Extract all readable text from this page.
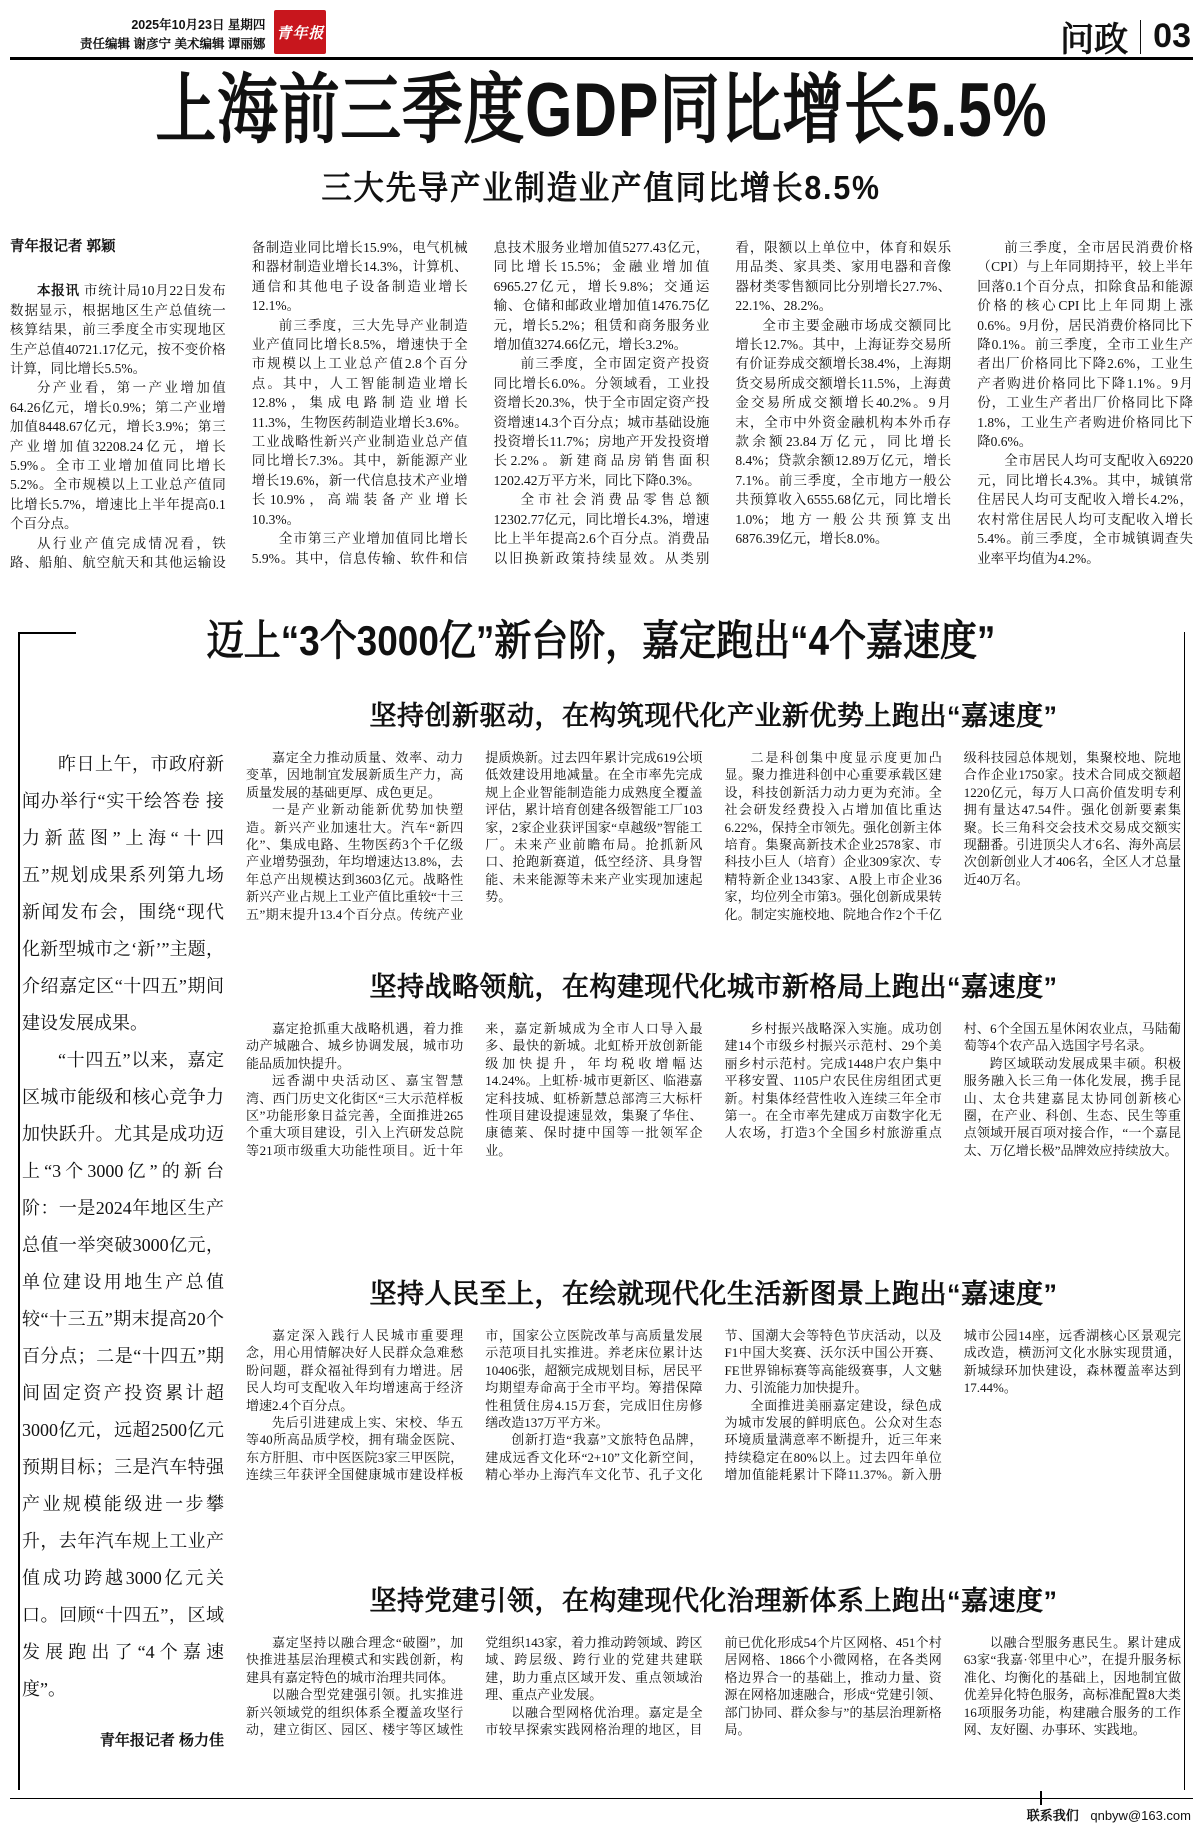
2025年10月23日 星期四
责任编辑 谢彦宁 美术编辑 谭丽娜
青年报	问政 03
上海前三季度GDP同比增长5.5%
三大先导产业制造业产值同比增长8.5%
青年报记者 郭颖

本报讯 市统计局10月22日发布数据显示，根据地区生产总值统一核算结果，前三季度全市实现地区生产总值40721.17亿元，按不变价格计算，同比增长5.5%。

分产业看，第一产业增加值64.26亿元，增长0.9%；第二产业增加值8448.67亿元，增长3.9%；第三产业增加值32208.24亿元，增长5.9%。全市工业增加值同比增长5.2%。全市规模以上工业总产值同比增长5.7%，增速比上半年提高0.1个百分点。

从行业产值完成情况看，铁路、船舶、航空航天和其他运输设备制造业同比增长15.9%，电气机械和器材制造业增长14.3%，计算机、通信和其他电子设备制造业增长12.1%。

前三季度，三大先导产业制造业产值同比增长8.5%，增速快于全市规模以上工业总产值2.8个百分点。其中，人工智能制造业增长12.8%，集成电路制造业增长11.3%，生物医药制造业增长3.6%。工业战略性新兴产业制造业总产值同比增长7.3%。其中，新能源产业增长19.6%，新一代信息技术产业增长10.9%，高端装备产业增长10.3%。

全市第三产业增加值同比增长5.9%。其中，信息传输、软件和信息技术服务业增加值5277.43亿元，同比增长15.5%；金融业增加值6965.27亿元，增长9.8%；交通运输、仓储和邮政业增加值1476.75亿元，增长5.2%；租赁和商务服务业增加值3274.66亿元，增长3.2%。

前三季度，全市固定资产投资同比增长6.0%。分领域看，工业投资增长20.3%，快于全市固定资产投资增速14.3个百分点；城市基础设施投资增长11.7%；房地产开发投资增长2.2%。新建商品房销售面积1202.42万平方米，同比下降0.3%。

全市社会消费品零售总额12302.77亿元，同比增长4.3%，增速比上半年提高2.6个百分点。消费品以旧换新政策持续显效。从类别看，限额以上单位中，体育和娱乐用品类、家具类、家用电器和音像器材类零售额同比分别增长27.7%、22.1%、28.2%。

全市主要金融市场成交额同比增长12.7%。其中，上海证券交易所有价证券成交额增长38.4%，上海期货交易所成交额增长11.5%，上海黄金交易所成交额增长40.2%。9月末，全市中外资金融机构本外币存款余额23.84万亿元，同比增长8.4%；贷款余额12.89万亿元，增长7.1%。前三季度，全市地方一般公共预算收入6555.68亿元，同比增长1.0%；地方一般公共预算支出6876.39亿元，增长8.0%。

前三季度，全市居民消费价格（CPI）与上年同期持平，较上半年回落0.1个百分点，扣除食品和能源价格的核心CPI比上年同期上涨0.6%。9月份，居民消费价格同比下降0.1%。前三季度，全市工业生产者出厂价格同比下降2.6%，工业生产者购进价格同比下降1.1%。9月份，工业生产者出厂价格同比下降1.8%，工业生产者购进价格同比下降0.6%。

全市居民人均可支配收入69220元，同比增长4.3%。其中，城镇常住居民人均可支配收入增长4.2%，农村常住居民人均可支配收入增长5.4%。前三季度，全市城镇调查失业率平均值为4.2%。

迈上“3个3000亿”新台阶，嘉定跑出“4个嘉速度”

昨日上午，市政府新闻办举行“实干绘答卷 接力新蓝图”上海“十四五”规划成果系列第九场新闻发布会，围绕“现代化新型城市之‘新’”主题，介绍嘉定区“十四五”期间建设发展成果。

“十四五”以来，嘉定区城市能级和核心竞争力加快跃升。尤其是成功迈上“3个3000亿”的新台阶：一是2024年地区生产总值一举突破3000亿元，单位建设用地生产总值较“十三五”期末提高20个百分点；二是“十四五”期间固定资产投资累计超3000亿元，远超2500亿元预期目标；三是汽车特强产业规模能级进一步攀升，去年汽车规上工业产值成功跨越3000亿元关口。回顾“十四五”，区域发展跑出了“4个嘉速度”。

青年报记者 杨力佳
坚持创新驱动，在构筑现代化产业新优势上跑出“嘉速度”

嘉定全力推动质量、效率、动力变革，因地制宜发展新质生产力，高质量发展的基础更厚、成色更足。

一是产业新动能新优势加快塑造。新兴产业加速壮大。汽车“新四化”、集成电路、生物医药3个千亿级产业增势强劲，年均增速达13.8%，去年总产出规模达到3603亿元。战略性新兴产业占规上工业产值比重较“十三五”期末提升13.4个百分点。传统产业提质焕新。过去四年累计完成619公顷低效建设用地减量。在全市率先完成规上企业智能制造能力成熟度全覆盖评估，累计培育创建各级智能工厂103家，2家企业获评国家“卓越级”智能工厂。未来产业前瞻布局。抢抓新风口、抢跑新赛道，低空经济、具身智能、未来能源等未来产业实现加速起势。

二是科创集中度显示度更加凸显。聚力推进科创中心重要承载区建设，科技创新活力动力更为充沛。全社会研发经费投入占增加值比重达6.22%，保持全市领先。强化创新主体培育。集聚高新技术企业2578家、市科技小巨人（培育）企业309家次、专精特新企业1343家、A股上市企业36家，均位列全市第3。强化创新成果转化。制定实施校地、院地合作2个千亿级科技园总体规划，集聚校地、院地合作企业1750家。技术合同成交额超1220亿元，每万人口高价值发明专利拥有量达47.54件。强化创新要素集聚。长三角科交会技术交易成交额实现翻番。引进顶尖人才6名、海外高层次创新创业人才406名，全区人才总量近40万名。

坚持战略领航，在构建现代化城市新格局上跑出“嘉速度”

嘉定抢抓重大战略机遇，着力推动产城融合、城乡协调发展，城市功能品质加快提升。

远香湖中央活动区、嘉宝智慧湾、西门历史文化街区“三大示范样板区”功能形象日益完善，全面推进265个重大项目建设，引入上汽研发总院等21项市级重大功能性项目。近十年来，嘉定新城成为全市人口导入最多、最快的新城。北虹桥开放创新能级加快提升，年均税收增幅达14.24%。上虹桥·城市更新区、临港嘉定科技城、虹桥新慧总部湾三大标杆性项目建设提速显效，集聚了华住、康德莱、保时捷中国等一批领军企业。

乡村振兴战略深入实施。成功创建14个市级乡村振兴示范村、29个美丽乡村示范村。完成1448户农户集中平移安置、1105户农民住房组团式更新。村集体经营性收入连续三年全市第一。在全市率先建成万亩数字化无人农场，打造3个全国乡村旅游重点村、6个全国五星休闲农业点，马陆葡萄等4个农产品入选国字号名录。

跨区域联动发展成果丰硕。积极服务融入长三角一体化发展，携手昆山、太仓共建嘉昆太协同创新核心圈，在产业、科创、生态、民生等重点领域开展百项对接合作，“一个嘉昆太、万亿增长极”品牌效应持续放大。

坚持人民至上，在绘就现代化生活新图景上跑出“嘉速度”

嘉定深入践行人民城市重要理念，用心用情解决好人民群众急难愁盼问题，群众福祉得到有力增进。居民人均可支配收入年均增速高于经济增速2.4个百分点。

先后引进建成上实、宋校、华五等40所高品质学校，拥有瑞金医院、东方肝胆、市中医医院3家三甲医院，连续三年获评全国健康城市建设样板市，国家公立医院改革与高质量发展示范项目扎实推进。养老床位累计达10406张，超额完成规划目标，居民平均期望寿命高于全市平均。筹措保障性租赁住房4.15万套，完成旧住房修缮改造137万平方米。

创新打造“我嘉”文旅特色品牌，建成远香文化环“2+10”文化新空间，精心举办上海汽车文化节、孔子文化节、国潮大会等特色节庆活动，以及F1中国大奖赛、沃尔沃中国公开赛、FE世界锦标赛等高能级赛事，人文魅力、引流能力加快提升。

全面推进美丽嘉定建设，绿色成为城市发展的鲜明底色。公众对生态环境质量满意率不断提升，近三年来持续稳定在80%以上。过去四年单位增加值能耗累计下降11.37%。新入册城市公园14座，远香湖核心区景观完成改造，横沥河文化水脉实现贯通，新城绿环加快建设，森林覆盖率达到17.44%。

坚持党建引领，在构建现代化治理新体系上跑出“嘉速度”

嘉定坚持以融合理念“破圈”，加快推进基层治理模式和实践创新，构建具有嘉定特色的城市治理共同体。

以融合型党建强引领。扎实推进新兴领域党的组织体系全覆盖攻坚行动，建立街区、园区、楼宇等区域性党组织143家，着力推动跨领域、跨区域、跨层级、跨行业的党建共建联建，助力重点区域开发、重点领域治理、重点产业发展。

以融合型网格优治理。嘉定是全市较早探索实践网格治理的地区，目前已优化形成54个片区网格、451个村居网格、1866个小微网格，在各类网格边界合一的基础上，推动力量、资源在网格加速融合，形成“党建引领、部门协同、群众参与”的基层治理新格局。

以融合型服务惠民生。累计建成63家“我嘉·邻里中心”，在提升服务标准化、均衡化的基础上，因地制宜做优差异化特色服务，高标准配置8大类16项服务功能，构建融合服务的工作网、友好圈、办事环、实践地。

联系我们 qnbyw@163.com
